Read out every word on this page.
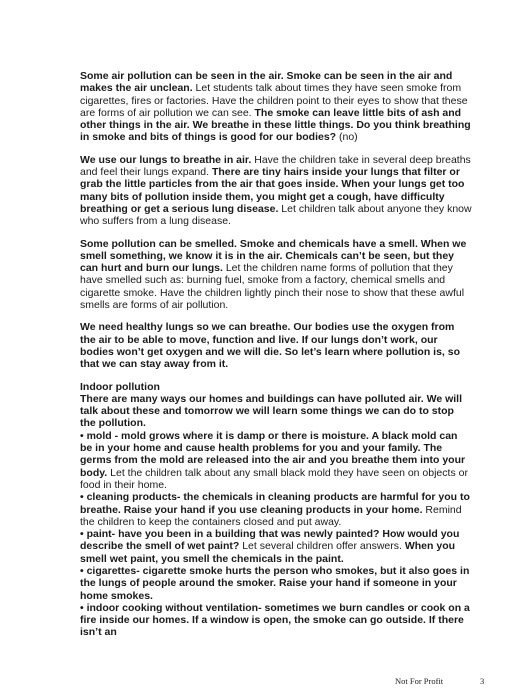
Some air pollution can be seen in the air. Smoke can be seen in the air and makes the air unclean. Let students talk about times they have seen smoke from cigarettes, fires or factories. Have the children point to their eyes to show that these are forms of air pollution we can see. The smoke can leave little bits of ash and other things in the air. We breathe in these little things. Do you think breathing in smoke and bits of things is good for our bodies? (no)
We use our lungs to breathe in air. Have the children take in several deep breaths and feel their lungs expand. There are tiny hairs inside your lungs that filter or grab the little particles from the air that goes inside. When your lungs get too many bits of pollution inside them, you might get a cough, have difficulty breathing or get a serious lung disease. Let children talk about anyone they know who suffers from a lung disease.
Some pollution can be smelled. Smoke and chemicals have a smell. When we smell something, we know it is in the air. Chemicals can’t be seen, but they can hurt and burn our lungs. Let the children name forms of pollution that they have smelled such as: burning fuel, smoke from a factory, chemical smells and cigarette smoke. Have the children lightly pinch their nose to show that these awful smells are forms of air pollution.
We need healthy lungs so we can breathe. Our bodies use the oxygen from the air to be able to move, function and live. If our lungs don’t work, our bodies won’t get oxygen and we will die. So let’s learn where pollution is, so that we can stay away from it.
Indoor pollution
There are many ways our homes and buildings can have polluted air. We will talk about these and tomorrow we will learn some things we can do to stop the pollution.
• mold - mold grows where it is damp or there is moisture. A black mold can be in your home and cause health problems for you and your family. The germs from the mold are released into the air and you breathe them into your body. Let the children talk about any small black mold they have seen on objects or food in their home.
• cleaning products- the chemicals in cleaning products are harmful for you to breathe. Raise your hand if you use cleaning products in your home. Remind the children to keep the containers closed and put away.
• paint- have you been in a building that was newly painted? How would you describe the smell of wet paint? Let several children offer answers. When you smell wet paint, you smell the chemicals in the paint.
• cigarettes- cigarette smoke hurts the person who smokes, but it also goes in the lungs of people around the smoker. Raise your hand if someone in your home smokes.
• indoor cooking without ventilation- sometimes we burn candles or cook on a fire inside our homes. If a window is open, the smoke can go outside. If there isn’t an
Not For Profit	3
